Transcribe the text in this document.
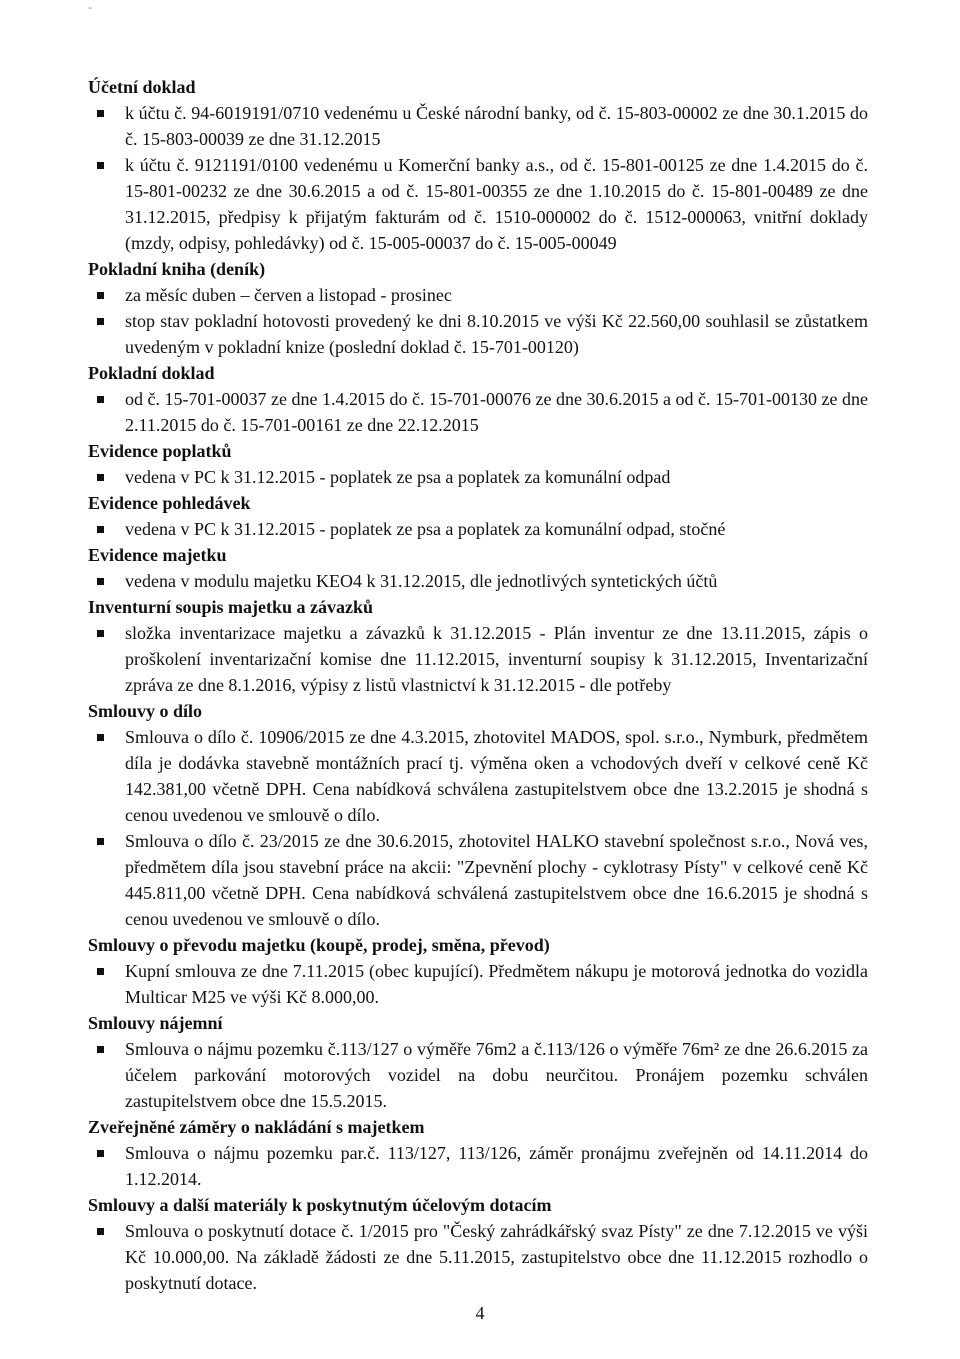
-

Účetní doklad

k účtu č. 94-6019191/0710 vedenému u České národní banky, od č. 15-803-00002 ze dne 30.1.2015 do č. 15-803-00039 ze dne 31.12.2015
k účtu č. 9121191/0100 vedenému u Komerční banky a.s., od č. 15-801-00125 ze dne 1.4.2015 do č. 15-801-00232 ze dne 30.6.2015 a od č. 15-801-00355 ze dne 1.10.2015 do č. 15-801-00489 ze dne 31.12.2015, předpisy k přijatým fakturám od č. 1510-000002 do č. 1512-000063, vnitřní doklady (mzdy, odpisy, pohledávky) od č. 15-005-00037 do č. 15-005-00049

Pokladní kniha (deník)

za měsíc duben – červen a listopad - prosinec
stop stav pokladní hotovosti provedený ke dni 8.10.2015 ve výši Kč 22.560,00 souhlasil se zůstatkem uvedeným v pokladní knize (poslední doklad č. 15-701-00120)

Pokladní doklad

od č. 15-701-00037 ze dne 1.4.2015 do č. 15-701-00076 ze dne 30.6.2015 a od č. 15-701-00130 ze dne 2.11.2015 do č. 15-701-00161 ze dne 22.12.2015

Evidence poplatků

vedena v PC k 31.12.2015 - poplatek ze psa a poplatek za komunální odpad

Evidence pohledávek

vedena v PC k 31.12.2015 - poplatek ze psa a poplatek za komunální odpad, stočné

Evidence majetku

vedena v modulu majetku KEO4 k 31.12.2015, dle jednotlivých syntetických účtů

Inventurní soupis majetku a závazků

složka inventarizace majetku a závazků k 31.12.2015 - Plán inventur ze dne 13.11.2015, zápis o proškolení inventarizační komise dne 11.12.2015, inventurní soupisy k 31.12.2015, Inventarizační zpráva ze dne 8.1.2016, výpisy z listů vlastnictví k 31.12.2015 - dle potřeby

Smlouvy o dílo

Smlouva o dílo č. 10906/2015 ze dne 4.3.2015, zhotovitel MADOS, spol. s.r.o., Nymburk, předmětem díla je dodávka stavebně montážních prací tj. výměna oken a vchodových dveří v celkové ceně Kč 142.381,00 včetně DPH. Cena nabídková schválena zastupitelstvem obce dne 13.2.2015 je shodná s cenou uvedenou ve smlouvě o dílo.
Smlouva o dílo č. 23/2015 ze dne 30.6.2015, zhotovitel HALKO stavební společnost s.r.o., Nová ves, předmětem díla jsou stavební práce na akcii: "Zpevnění plochy - cyklotrasy Písty" v celkové ceně Kč 445.811,00 včetně DPH. Cena nabídková schválená zastupitelstvem obce dne 16.6.2015 je shodná s cenou uvedenou ve smlouvě o dílo.

Smlouvy o převodu majetku (koupě, prodej, směna, převod)

Kupní smlouva ze dne 7.11.2015 (obec kupující). Předmětem nákupu je motorová jednotka do vozidla Multicar M25 ve výši Kč 8.000,00.

Smlouvy nájemní

Smlouva o nájmu pozemku č.113/127 o výměře 76m2 a č.113/126 o výměře 76m² ze dne 26.6.2015 za účelem parkování motorových vozidel na dobu neurčitou. Pronájem pozemku schválen zastupitelstvem obce dne 15.5.2015.

Zveřejněné záměry o nakládání s majetkem

Smlouva o nájmu pozemku par.č. 113/127, 113/126, záměr pronájmu zveřejněn od 14.11.2014 do 1.12.2014.

Smlouvy a další materiály k poskytnutým účelovým dotacím

Smlouva o poskytnutí dotace č. 1/2015 pro "Český zahrádkářský svaz Písty" ze dne 7.12.2015 ve výši Kč 10.000,00. Na základě žádosti ze dne 5.11.2015, zastupitelstvo obce dne 11.12.2015 rozhodlo o poskytnutí dotace.
4
